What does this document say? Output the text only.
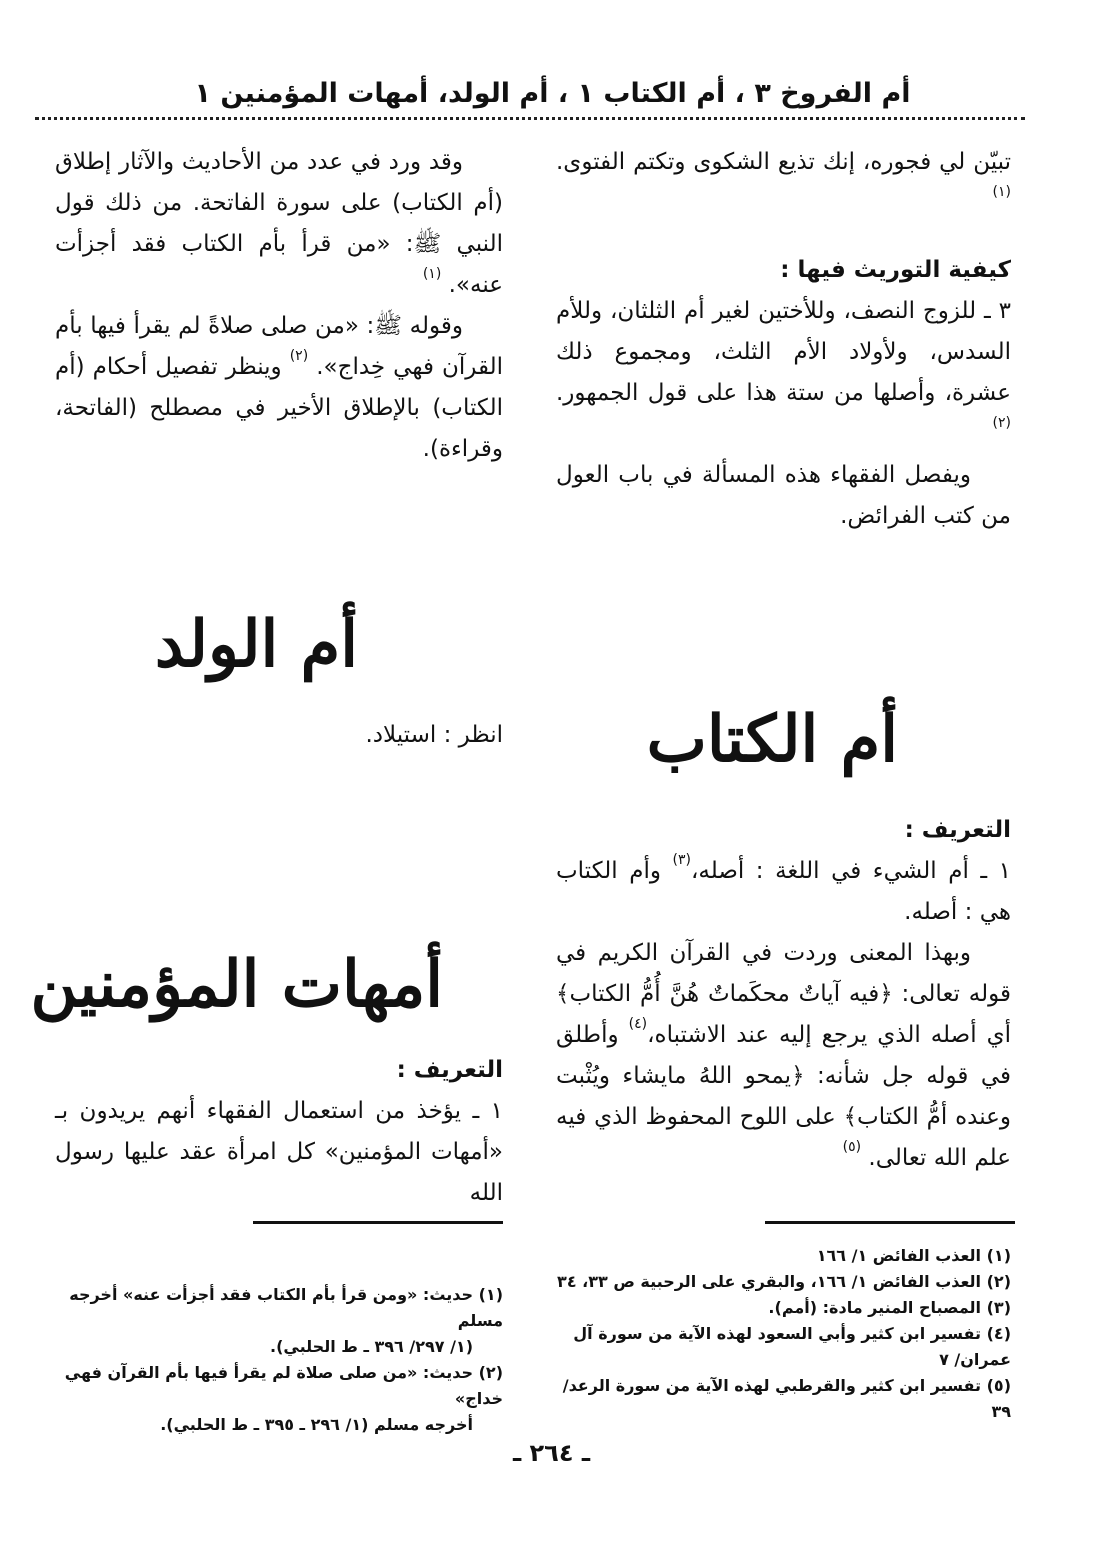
أم الفروخ ٣ ، أم الكتاب ١ ، أم الولد، أمهات المؤمنين ١

تبيّن لي فجوره، إنك تذيع الشكوى وتكتم الفتوى. $^{(١)}$

كيفية التوريث فيها :

٣ ـ للزوج النصف، وللأختين لغير أم الثلثان، وللأم السدس، ولأولاد الأم الثلث، ومجموع ذلك عشرة، وأصلها من ستة هذا على قول الجمهور. $^{(٢)}$

ويفصل الفقهاء هذه المسألة في باب العول من كتب الفرائض.

أم الكتاب

التعريف :

١ ـ أم الشيء في اللغة : أصله،$^{(٣)}$ وأم الكتاب هي : أصله.

وبهذا المعنى وردت في القرآن الكريم في قوله تعالى: ﴿فيه آياتٌ محكَماتٌ هُنَّ أُمُّ الكتاب﴾ أي أصله الذي يرجع إليه عند الاشتباه،$^{(٤)}$ وأطلق في قوله جل شأنه: ﴿يمحو اللهُ مايشاء ويُثْبت وعنده أمُّ الكتاب﴾ على اللوح المحفوظ الذي فيه علم الله تعالى. $^{(٥)}$

وقد ورد في عدد من الأحاديث والآثار إطلاق (أم الكتاب) على سورة الفاتحة. من ذلك قول النبي ﷺ: «من قرأ بأم الكتاب فقد أجزأت عنه». $^{(١)}$

وقوله ﷺ: «من صلى صلاةً لم يقرأ فيها بأم القرآن فهي خِداج». $^{(٢)}$ وينظر تفصيل أحكام (أم الكتاب) بالإطلاق الأخير في مصطلح (الفاتحة، وقراءة).

أم الولد

انظر : استيلاد.

أمهات المؤمنين

التعريف :

١ ـ يؤخذ من استعمال الفقهاء أنهم يريدون بـ «أمهات المؤمنين» كل امرأة عقد عليها رسول الله

(١) العذب الفائض ١/ ١٦٦

(٢) العذب الفائض ١/ ١٦٦، والبقري على الرحبية ص ٣٣، ٣٤

(٣) المصباح المنير مادة: (أمم).

(٤) تفسير ابن كثير وأبي السعود لهذه الآية من سورة آل عمران/ ٧

(٥) تفسير ابن كثير والقرطبي لهذه الآية من سورة الرعد/ ٣٩

(١) حديث: «ومن قرأ بأم الكتاب فقد أجزأت عنه» أخرجه مسلم

(١/ ٢٩٧/ ٣٩٦ ـ ط الحلبي).

(٢) حديث: «من صلى صلاة لم يقرأ فيها بأم القرآن فهي خداج»

أخرجه مسلم (١/ ٢٩٦ ـ ٣٩٥ ـ ط الحلبي).

ـ ٢٦٤ ـ
